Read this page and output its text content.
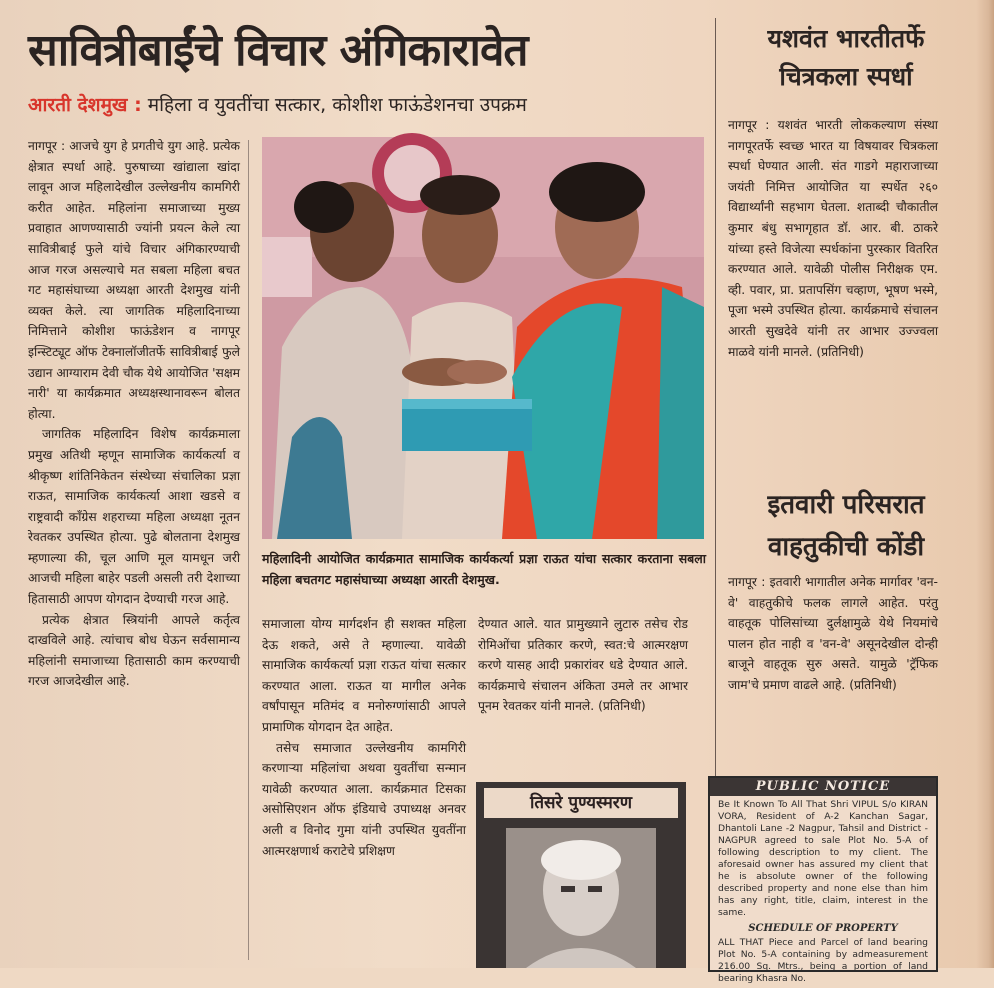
सावित्रीबाईंचे विचार अंगिकारावेत
आरती देशमुख : महिला व युवतींचा सत्कार, कोशीश फाऊंडेशनचा उपक्रम

नागपूर : आजचे युग हे प्रगतीचे युग आहे. प्रत्येक क्षेत्रात स्पर्धा आहे. पुरुषाच्या खांद्याला खांदा लावून आज महिलादेखील उल्लेखनीय कामगिरी करीत आहेत. महिलांना समाजाच्या मुख्य प्रवाहात आणण्यासाठी ज्यांनी प्रयत्न केले त्या सावित्रीबाई फुले यांचे विचार अंगिकारण्याची आज गरज असल्याचे मत सबला महिला बचत गट महासंघाच्या अध्यक्षा आरती देशमुख यांनी व्यक्त केले. त्या जागतिक महिलादिनाच्या निमित्ताने कोशीश फाऊंडेशन व नागपूर इन्स्टिट्यूट ऑफ टेक्नालॉजीतर्फे सावित्रीबाई फुले उद्यान आग्याराम देवी चौक येथे आयोजित 'सक्षम नारी' या कार्यक्रमात अध्यक्षस्थानावरून बोलत होत्या.

जागतिक महिलादिन विशेष कार्यक्रमाला प्रमुख अतिथी म्हणून सामाजिक कार्यकर्त्या व श्रीकृष्ण शांतिनिकेतन संस्थेच्या संचालिका प्रज्ञा राऊत, सामाजिक कार्यकर्त्या आशा खडसे व राष्ट्रवादी काँग्रेस शहराच्या महिला अध्यक्षा नूतन रेवतकर उपस्थित होत्या. पुढे बोलताना देशमुख म्हणाल्या की, चूल आणि मूल यामधून जरी आजची महिला बाहेर पडली असली तरी देशाच्या हितासाठी आपण योगदान देण्याची गरज आहे.

प्रत्येक क्षेत्रात स्त्रियांनी आपले कर्तृत्व दाखविले आहे. त्यांचाच बोध घेऊन सर्वसामान्य महिलांनी समाजाच्या हितासाठी काम करण्याची गरज आजदेखील आहे.

महिलादिनी आयोजित कार्यक्रमात सामाजिक कार्यकर्त्या प्रज्ञा राऊत यांचा सत्कार करताना सबला महिला बचतगट महासंघाच्या अध्यक्षा आरती देशमुख.

समाजाला योग्य मार्गदर्शन ही सशक्त महिला देऊ शकते, असे ते म्हणाल्या. यावेळी सामाजिक कार्यकर्त्या प्रज्ञा राऊत यांचा सत्कार करण्यात आला. राऊत या मागील अनेक वर्षांपासून मतिमंद व मनोरुग्णांसाठी आपले प्रामाणिक योगदान देत आहेत.

तसेच समाजात उल्लेखनीय कामगिरी करणाऱ्या महिलांचा अथवा युवतींचा सन्मान यावेळी करण्यात आला. कार्यक्रमात टिसका असोसिएशन ऑफ इंडियाचे उपाध्यक्ष अनवर अली व विनोद गुमा यांनी उपस्थित युवतींना आत्मरक्षणार्थ कराटेचे प्रशिक्षण

देण्यात आले. यात प्रामुख्याने लुटारु तसेच रोड रोमिओंचा प्रतिकार करणे, स्वत:चे आत्मरक्षण करणे यासह आदी प्रकारांवर धडे देण्यात आले. कार्यक्रमाचे संचालन अंकिता उमले तर आभार पूनम रेवतकर यांनी मानले. (प्रतिनिधी)

तिसरे पुण्यस्मरण
यशवंत भारतीतर्फे चित्रकला स्पर्धा

नागपूर : यशवंत भारती लोककल्याण संस्था नागपूरतर्फे स्वच्छ भारत या विषयावर चित्रकला स्पर्धा घेण्यात आली. संत गाडगे महाराजाच्या जयंती निमित्त आयोजित या स्पर्धेत २६० विद्यार्थ्यांनी सहभाग घेतला. शताब्दी चौकातील कुमार बंधु सभागृहात डॉ. आर. बी. ठाकरे यांच्या हस्ते विजेत्या स्पर्धकांना पुरस्कार वितरित करण्यात आले. यावेळी पोलीस निरीक्षक एम. व्ही. पवार, प्रा. प्रतापसिंग चव्हाण, भूषण भस्मे, पूजा भस्मे उपस्थित होत्या. कार्यक्रमाचे संचालन आरती सुखदेवे यांनी तर आभार उज्ज्वला माळवे यांनी मानले. (प्रतिनिधी)

इतवारी परिसरात वाहतुकीची कोंडी

नागपूर : इतवारी भागातील अनेक मार्गावर 'वन-वे' वाहतुकीचे फलक लागले आहेत. परंतु वाहतूक पोलिसांच्या दुर्लक्षामुळे येथे नियमांचे पालन होत नाही व 'वन-वे' असूनदेखील दोन्ही बाजूने वाहतूक सुरु असते. यामुळे 'ट्रॅफिक जाम'चे प्रमाण वाढले आहे. (प्रतिनिधी)

PUBLIC NOTICE
Be It Known To All That Shri VIPUL S/o KIRAN VORA, Resident of A-2 Kanchan Sagar, Dhantoli Lane -2 Nagpur, Tahsil and District - NAGPUR agreed to sale Plot No. 5-A of following description to my client. The aforesaid owner has assured my client that he is absolute owner of the following described property and none else than him has any right, title, claim, interest in the same.
SCHEDULE OF PROPERTY
ALL THAT Piece and Parcel of land bearing Plot No. 5-A containing by admeasurement 216.00 Sq. Mtrs., being a portion of land bearing Khasra No.
